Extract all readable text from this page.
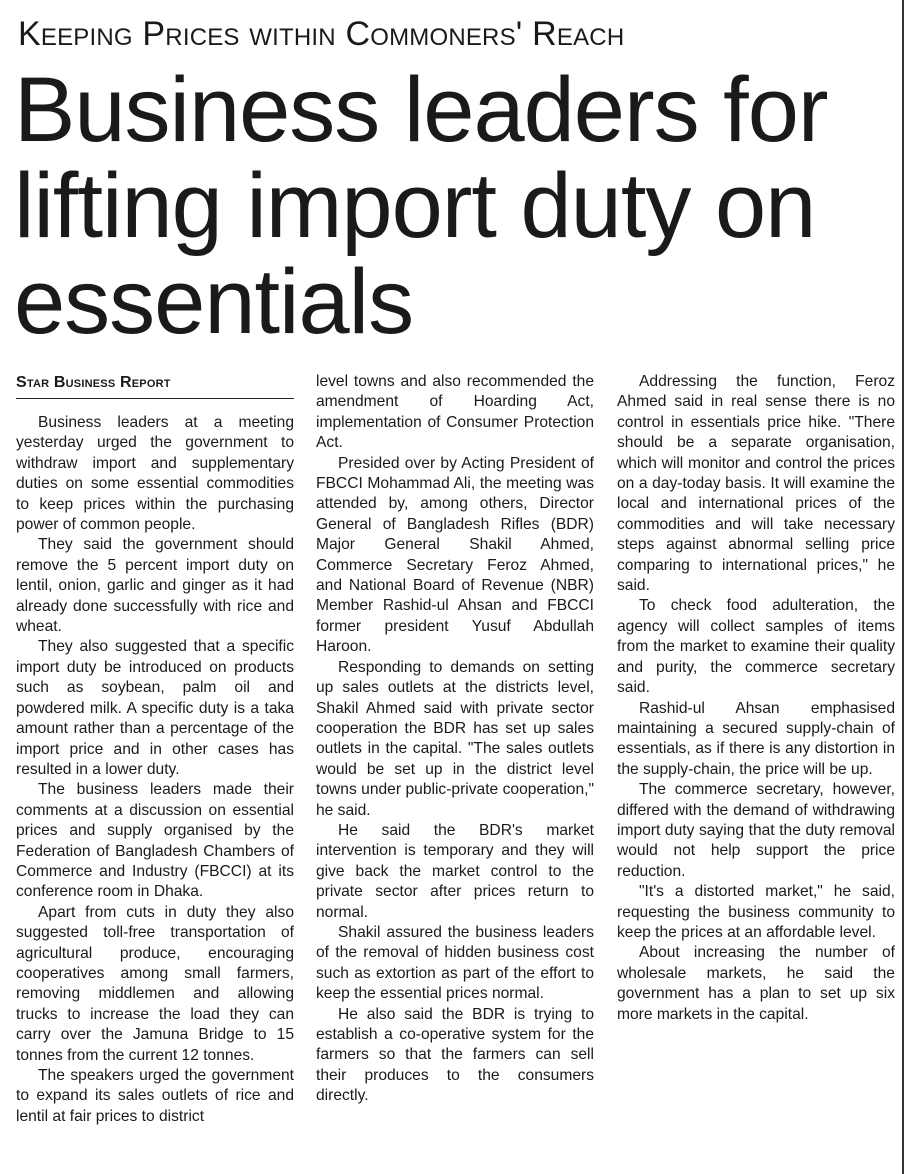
Keeping Prices within Commoners' Reach
Business leaders for lifting import duty on essentials
Star Business Report

Business leaders at a meeting yesterday urged the government to withdraw import and supplementary duties on some essential commodities to keep prices within the purchasing power of common people.

They said the government should remove the 5 percent import duty on lentil, onion, garlic and ginger as it had already done successfully with rice and wheat.

They also suggested that a specific import duty be introduced on products such as soybean, palm oil and powdered milk. A specific duty is a taka amount rather than a percentage of the import price and in other cases has resulted in a lower duty.

The business leaders made their comments at a discussion on essential prices and supply organised by the Federation of Bangladesh Chambers of Commerce and Industry (FBCCI) at its conference room in Dhaka.

Apart from cuts in duty they also suggested toll-free transportation of agricultural produce, encouraging cooperatives among small farmers, removing middlemen and allowing trucks to increase the load they can carry over the Jamuna Bridge to 15 tonnes from the current 12 tonnes.

The speakers urged the government to expand its sales outlets of rice and lentil at fair prices to district

level towns and also recommended the amendment of Hoarding Act, implementation of Consumer Protection Act.

Presided over by Acting President of FBCCI Mohammad Ali, the meeting was attended by, among others, Director General of Bangladesh Rifles (BDR) Major General Shakil Ahmed, Commerce Secretary Feroz Ahmed, and National Board of Revenue (NBR) Member Rashid-ul Ahsan and FBCCI former president Yusuf Abdullah Haroon.

Responding to demands on setting up sales outlets at the districts level, Shakil Ahmed said with private sector cooperation the BDR has set up sales outlets in the capital. "The sales outlets would be set up in the district level towns under public-private cooperation," he said.

He said the BDR's market intervention is temporary and they will give back the market control to the private sector after prices return to normal.

Shakil assured the business leaders of the removal of hidden business cost such as extortion as part of the effort to keep the essential prices normal.

He also said the BDR is trying to establish a co-operative system for the farmers so that the farmers can sell their produces to the consumers directly.

Addressing the function, Feroz Ahmed said in real sense there is no control in essentials price hike. "There should be a separate organisation, which will monitor and control the prices on a day-today basis. It will examine the local and international prices of the commodities and will take necessary steps against abnormal selling price comparing to international prices," he said.

To check food adulteration, the agency will collect samples of items from the market to examine their quality and purity, the commerce secretary said.

Rashid-ul Ahsan emphasised maintaining a secured supply-chain of essentials, as if there is any distortion in the supply-chain, the price will be up.

The commerce secretary, however, differed with the demand of withdrawing import duty saying that the duty removal would not help support the price reduction.

"It's a distorted market," he said, requesting the business community to keep the prices at an affordable level.

About increasing the number of wholesale markets, he said the government has a plan to set up six more markets in the capital.
